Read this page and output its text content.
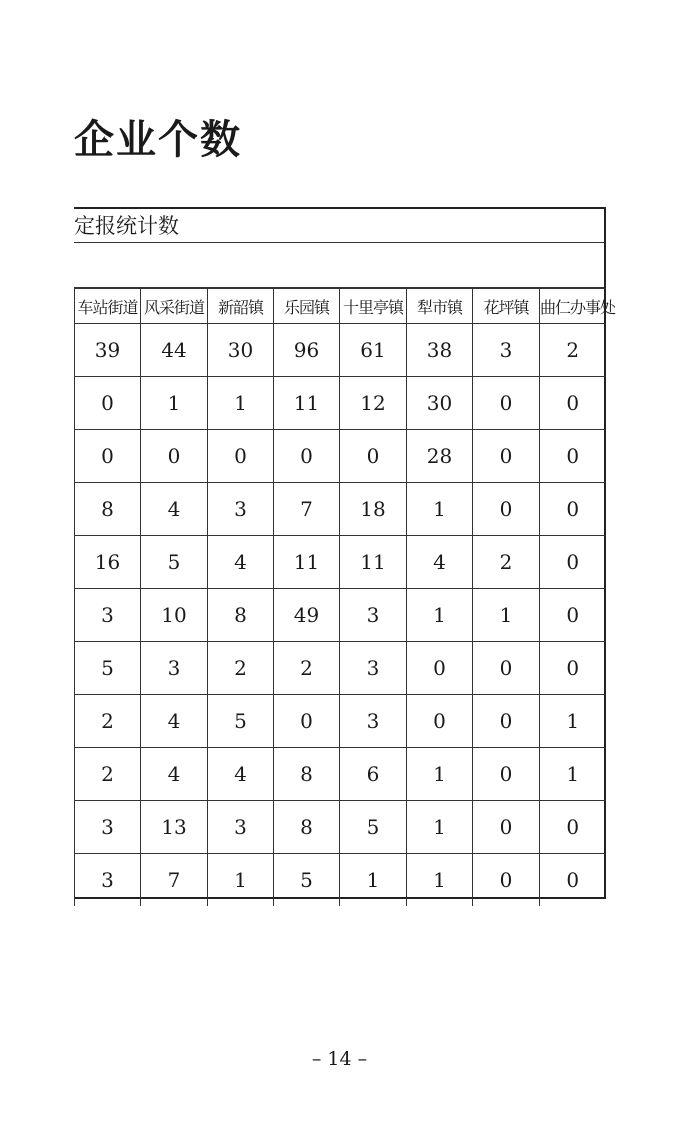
企业个数
定报统计数
车站街道	风采街道	新韶镇	乐园镇	十里亭镇	犁市镇	花坪镇	曲仁办事处
39	44	30	96	61	38	3	2
0	1	1	11	12	30	0	0
0	0	0	0	0	28	0	0
8	4	3	7	18	1	0	0
16	5	4	11	11	4	2	0
3	10	8	49	3	1	1	0
5	3	2	2	3	0	0	0
2	4	5	0	3	0	0	1
2	4	4	8	6	1	0	1
3	13	3	8	5	1	0	0
3	7	1	5	1	1	0	0
– 14 –
